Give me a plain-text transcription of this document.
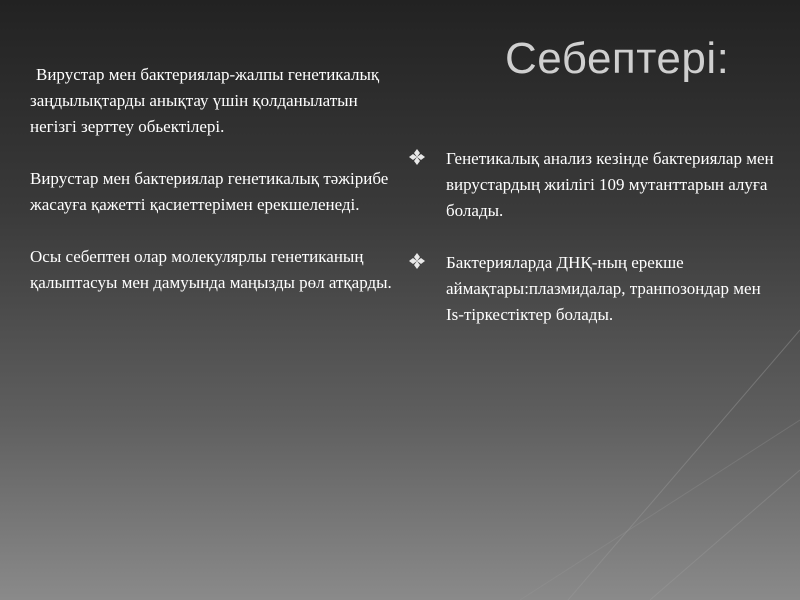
Себептері:

Вирустар мен бактериялар-жалпы генетикалық заңдылықтарды анықтау үшін қолданылатын негізгі зерттеу обьектілері.

Вирустар мен бактериялар генетикалық тәжірибе жасауға қажетті қасиеттерімен ерекшеленеді.

Осы себептен олар молекулярлы генетиканың қалыптасуы мен дамуында маңызды рөл атқарды.

Генетикалық анализ кезінде бактериялар мен вирустардың жиілігі 109 мутанттарын алуға болады.
Бактерияларда ДНҚ-ның ерекше аймақтары:плазмидалар, транпозондар мен Is-тіркестіктер болады.
